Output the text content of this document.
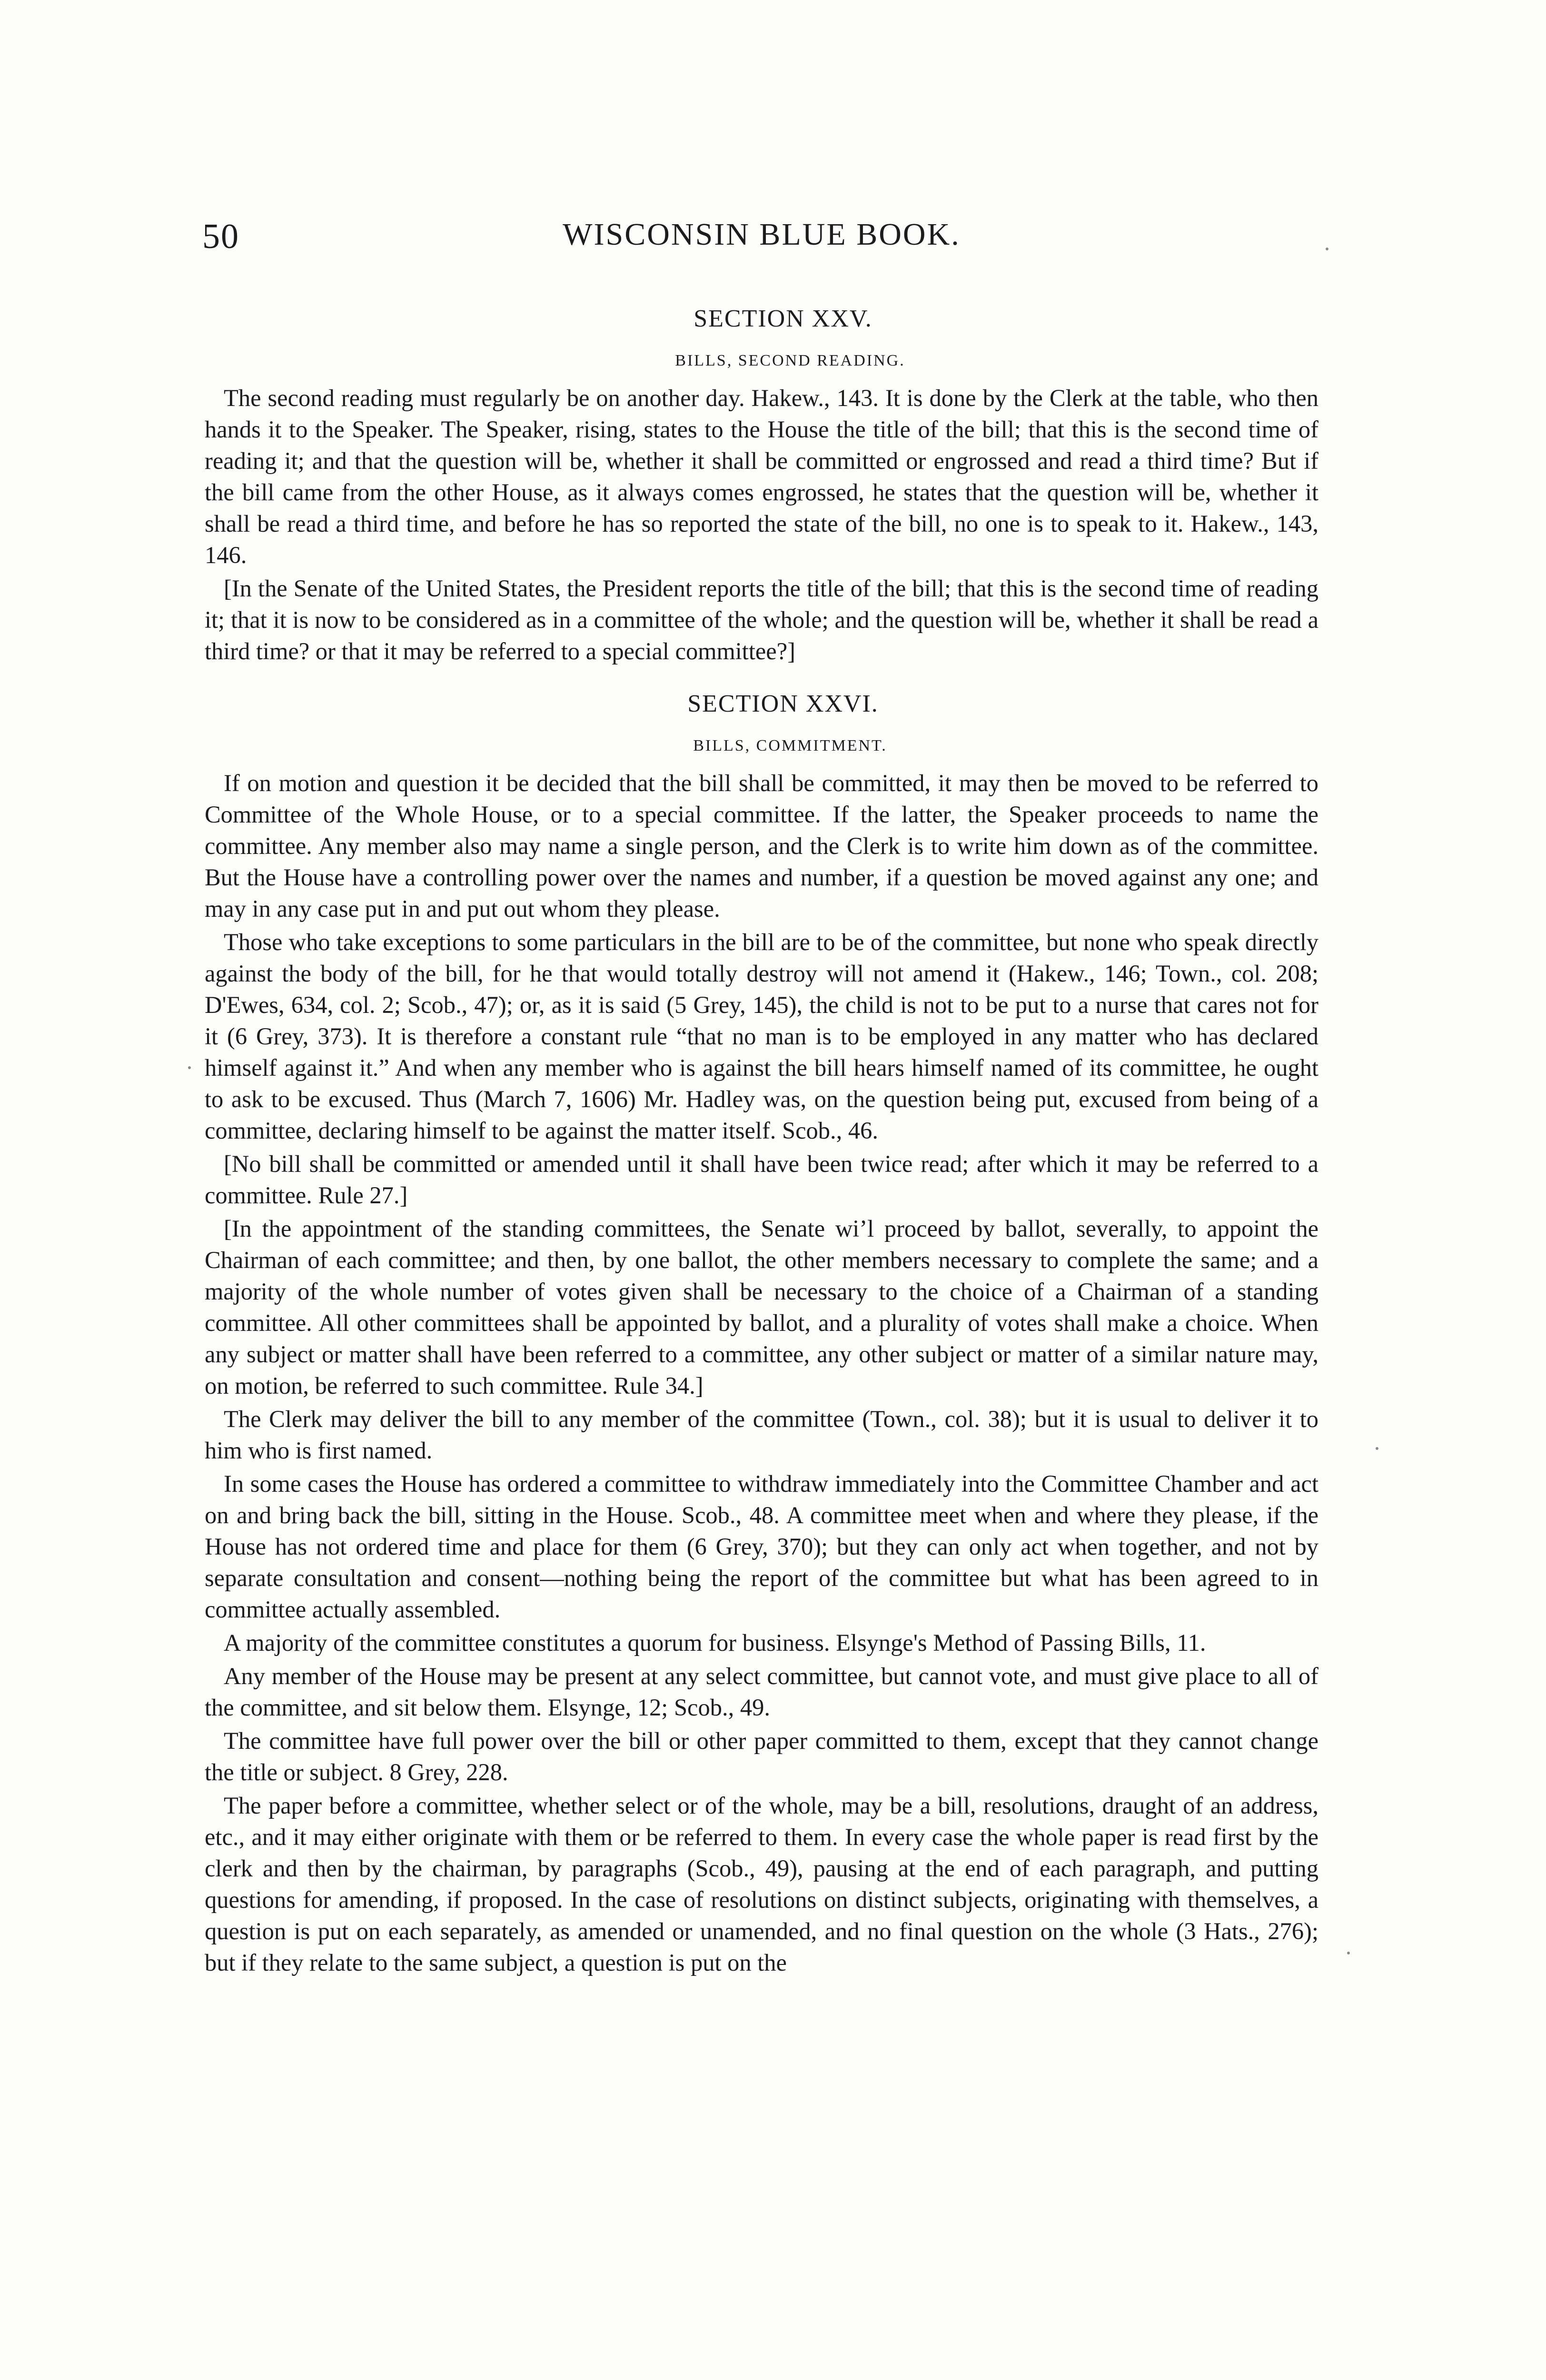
50	WISCONSIN BLUE BOOK.
SECTION XXV.
BILLS, SECOND READING.

The second reading must regularly be on another day. Hakew., 143. It is done by the Clerk at the table, who then hands it to the Speaker. The Speaker, rising, states to the House the title of the bill; that this is the second time of reading it; and that the question will be, whether it shall be committed or engrossed and read a third time? But if the bill came from the other House, as it always comes engrossed, he states that the question will be, whether it shall be read a third time, and before he has so reported the state of the bill, no one is to speak to it. Hakew., 143, 146.

[In the Senate of the United States, the President reports the title of the bill; that this is the second time of reading it; that it is now to be considered as in a committee of the whole; and the question will be, whether it shall be read a third time? or that it may be referred to a special committee?]

SECTION XXVI.
BILLS, COMMITMENT.

If on motion and question it be decided that the bill shall be committed, it may then be moved to be referred to Committee of the Whole House, or to a special committee. If the latter, the Speaker proceeds to name the committee. Any member also may name a single person, and the Clerk is to write him down as of the committee. But the House have a controlling power over the names and number, if a question be moved against any one; and may in any case put in and put out whom they please.

Those who take exceptions to some particulars in the bill are to be of the committee, but none who speak directly against the body of the bill, for he that would totally destroy will not amend it (Hakew., 146; Town., col. 208; D'Ewes, 634, col. 2; Scob., 47); or, as it is said (5 Grey, 145), the child is not to be put to a nurse that cares not for it (6 Grey, 373). It is therefore a constant rule “that no man is to be employed in any matter who has declared himself against it.” And when any member who is against the bill hears himself named of its committee, he ought to ask to be excused. Thus (March 7, 1606) Mr. Hadley was, on the question being put, excused from being of a committee, declaring himself to be against the matter itself. Scob., 46.

[No bill shall be committed or amended until it shall have been twice read; after which it may be referred to a committee. Rule 27.]

[In the appointment of the standing committees, the Senate wiʼl proceed by ballot, severally, to appoint the Chairman of each committee; and then, by one ballot, the other members necessary to complete the same; and a majority of the whole number of votes given shall be necessary to the choice of a Chairman of a standing committee. All other committees shall be appointed by ballot, and a plurality of votes shall make a choice. When any subject or matter shall have been referred to a committee, any other subject or matter of a similar nature may, on motion, be referred to such committee. Rule 34.]

The Clerk may deliver the bill to any member of the committee (Town., col. 38); but it is usual to deliver it to him who is first named.

In some cases the House has ordered a committee to withdraw immediately into the Committee Chamber and act on and bring back the bill, sitting in the House. Scob., 48. A committee meet when and where they please, if the House has not ordered time and place for them (6 Grey, 370); but they can only act when together, and not by separate consultation and consent—nothing being the report of the committee but what has been agreed to in committee actually assembled.

A majority of the committee constitutes a quorum for business. Elsynge's Method of Passing Bills, 11.

Any member of the House may be present at any select committee, but cannot vote, and must give place to all of the committee, and sit below them. Elsynge, 12; Scob., 49.

The committee have full power over the bill or other paper committed to them, except that they cannot change the title or subject. 8 Grey, 228.

The paper before a committee, whether select or of the whole, may be a bill, resolutions, draught of an address, etc., and it may either originate with them or be referred to them. In every case the whole paper is read first by the clerk and then by the chairman, by paragraphs (Scob., 49), pausing at the end of each paragraph, and putting questions for amending, if proposed. In the case of resolutions on distinct subjects, originating with themselves, a question is put on each separately, as amended or unamended, and no final question on the whole (3 Hats., 276); but if they relate to the same subject, a question is put on the
